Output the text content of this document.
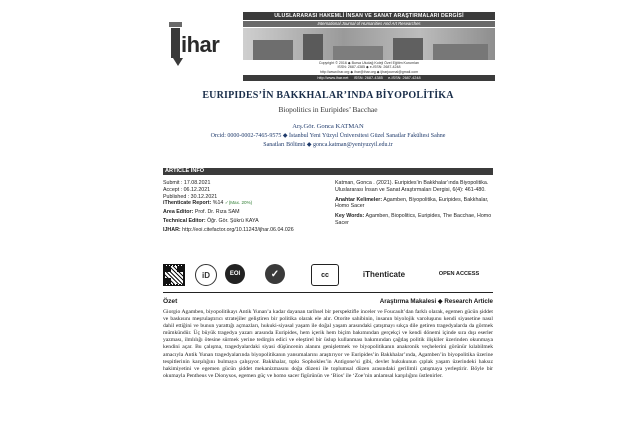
ihar
ULUSLARARASI HAKEMLİ İNSAN VE SANAT ARAŞTIRMALARI DERGİSİ
International Journal of Humanities And Art Researches
Copyright © 2016 ◆ Bursa Uludağ Koleji Özel Eğitim Kurumları
ISSN: 2687-4385 ◆ e-ISSN: 2687-4248
http://www.ihar.org ◆ ihar@ihar.org ◆ ijharjournal@gmail.com
http://www.ihar.net ISSN: 2687-4385 e-ISSN: 2687-4248
EURIPIDES’İN BAKKHALAR’INDA BİYOPOLİTİKA
Biopolitics in Euripides’ Bacchae
Arş.Gör. Gonca KATMAN
Orcid: 0000-0002-7465-9575 ◆ İstanbul Yeni Yüzyıl Üniversitesi Güzel Sanatlar Fakültesi Sahne
Sanatları Bölümü ◆ gonca.katman@yeniyuzyil.edu.tr
ARTICLE INFO
Submit : 17.08.2021
Accept : 06.12.2021
Published : 30.12.2021
iThenticate Report: %14 ✓(Max. 20%)
Area Editor: Prof. Dr. Rıza SAM
Technical Editor: Öğr. Gör. Şükrü KAYA
IJHAR: http://eoi.citefactor.org/10.11243/ijhar.06.04.026
Katman, Gonca . (2021). Euripides’in Bakkhalar’ında Biyopolitika. Uluslararası İnsan ve Sanat Araştırmaları Dergisi, 6(4): 461-480.
Anahtar Kelimeler: Agamben, Biyopolitika, Euripides, Bakkhalar, Homo Sacer
Key Words: Agamben, Biopolitics, Euripides, The Bacchae, Homo Sacer
iD	EOI	✓	cc	iThenticate	OPEN ACCESS
Özet	Araştırma Makalesi ◆ Research Article

Giorgio Agamben, biyopolitikayı Antik Yunan’a kadar dayanan tarihsel bir perspektifle inceler ve Foucault’dan farklı olarak, egemen gücün şiddet ve baskısını meşrulaştırıcı stratejiler geliştiren bir politika olarak ele alır. Otorite sahibinin, insanın biyolojik varoluşunu kendi siyasetine nasıl dahil ettiğini ve bunun yarattığı açmazları, hukuki-siyasal yaşam ile doğal yaşam arasındaki çatışmayı sıkça dile getiren tragedyalarda da görmek mümkündür. Üç büyük tragedya yazarı arasında Euripides, hem içerik hem biçim bakımından gerçekçi ve kendi dönemi içinde sıra dışı eserler yazması, ilmlılığı ötesine sürmek yerine tedirgin edici ve eleştirel bir üslup kullanması bakımından çağdaş politik ilişkiler üzerinden okunmaya kendini açar. Bu çalışma, tragedyalardaki siyasi düşüncenin alanını genişletmek ve biyopolitikanın anakronik veçhelerini görünür kılabilmek amacıyla Antik Yunan tragedyalarında biyopolitikanın yansımalarını araştırıyor ve Euripides’in Bakkhalar’ında, Agamben’in biyopolitika üzerine tespitlerinin karşılığını bulmaya çalışıyor. Bakkhalar, tıpkı Sophokles’in Antigone’si gibi, devlet hukukunun çıplak yaşam üzerindeki haksız hakimiyetini ve egemen gücün şiddet mekanizmasını doğa düzeni ile toplumsal düzen arasındaki gerilimli çatışmaya yerleştirir. Böyle bir okumayla Pentheus ve Dionysos, egemen güç ve homo sacer figürünün ve ‘Bios’ ile ‘Zoe’nin anlamsal karşılığını üstlenirler.
